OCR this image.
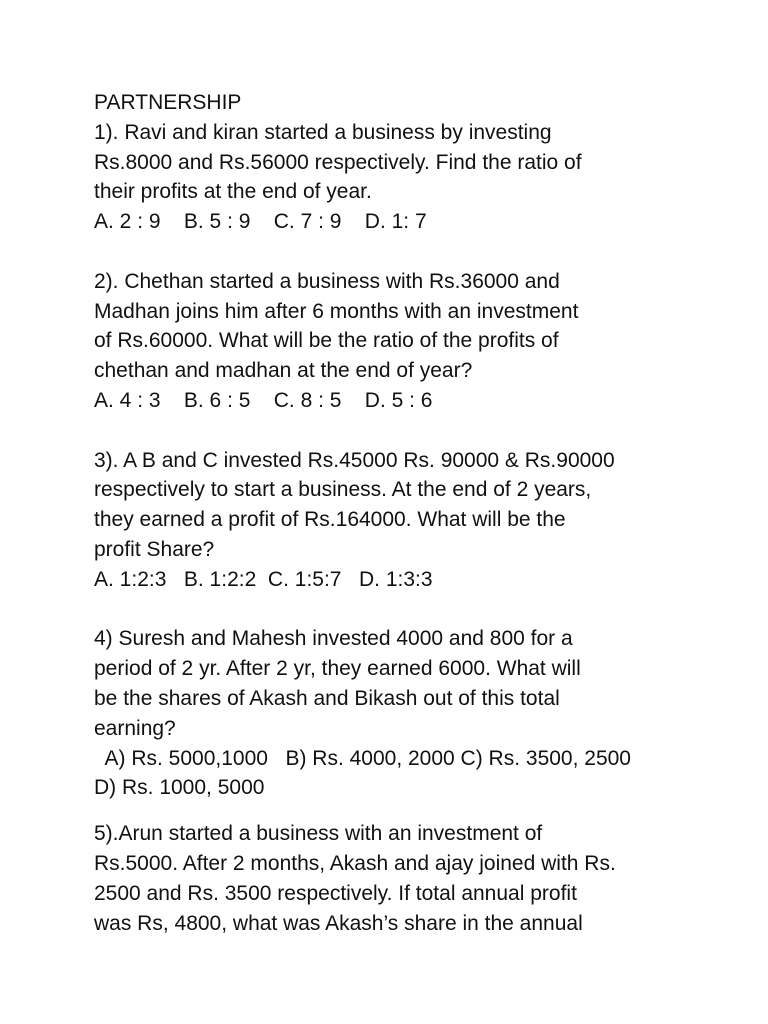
PARTNERSHIP
1). Ravi and kiran started a business by investing
Rs.8000 and Rs.56000 respectively. Find the ratio of
their profits at the end of year.
A. 2 : 9    B. 5 : 9    C. 7 : 9    D. 1: 7
2). Chethan started a business with Rs.36000 and
Madhan joins him after 6 months with an investment
of Rs.60000. What will be the ratio of the profits of
chethan and madhan at the end of year?
A. 4 : 3    B. 6 : 5    C. 8 : 5    D. 5 : 6
3). A B and C invested Rs.45000 Rs. 90000 & Rs.90000
respectively to start a business. At the end of 2 years,
they earned a profit of Rs.164000. What will be the
profit Share?
A. 1:2:3   B. 1:2:2  C. 1:5:7   D. 1:3:3
4) Suresh and Mahesh invested 4000 and 800 for a
period of 2 yr. After 2 yr, they earned 6000. What will
be the shares of Akash and Bikash out of this total
earning?
A) Rs. 5000,1000   B) Rs. 4000, 2000 C) Rs. 3500, 2500
D) Rs. 1000, 5000
5).Arun started a business with an investment of
Rs.5000. After 2 months, Akash and ajay joined with Rs.
2500 and Rs. 3500 respectively. If total annual profit
was Rs, 4800, what was Akash’s share in the annual
